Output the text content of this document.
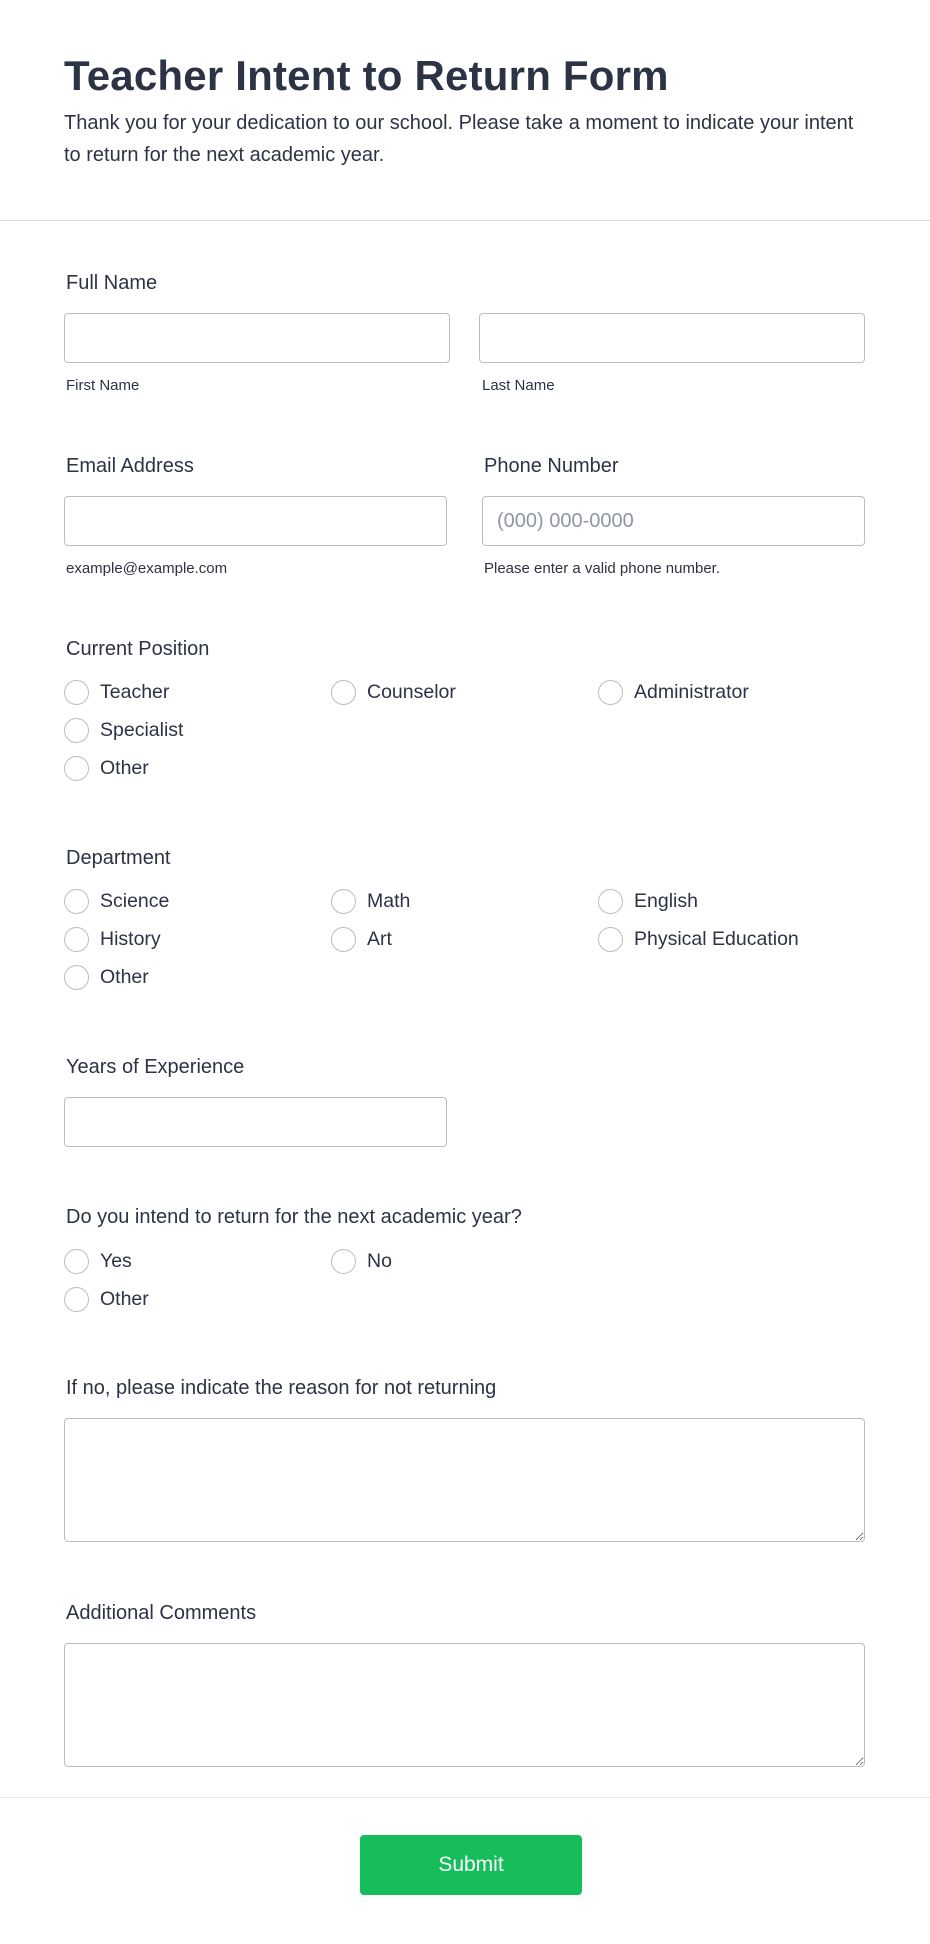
Teacher Intent to Return Form

Thank you for your dedication to our school. Please take a moment to indicate your intent to return for the next academic year.

Full Name
First Name	Last Name
Email Address
example@example.com
Phone Number
(000) 000-0000
Please enter a valid phone number.
Current Position
Teacher	Counselor	Administrator
Specialist
Other
Department
Science	Math	English
History	Art	Physical Education
Other
Years of Experience
Do you intend to return for the next academic year?
Yes	No
Other
If no, please indicate the reason for not returning
Additional Comments
Submit
